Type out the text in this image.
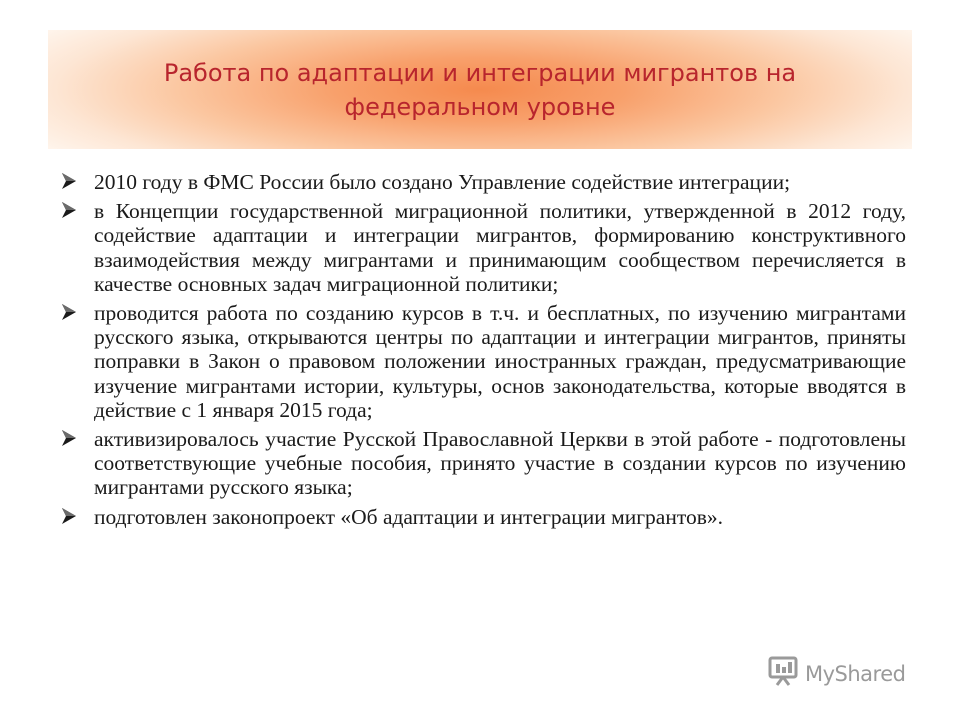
Работа по адаптации и интеграции мигрантов на федеральном уровне
2010 году в ФМС России было создано Управление содействие интеграции;
в Концепции государственной миграционной политики, утвержденной в 2012 году, содействие адаптации и интеграции мигрантов, формированию конструктивного взаимодействия между мигрантами и принимающим сообществом перечисляется в качестве основных задач миграционной политики;
проводится работа по созданию курсов в т.ч. и бесплатных, по изучению мигрантами русского языка, открываются центры по адаптации и интеграции мигрантов, приняты поправки в Закон о правовом положении иностранных граждан, предусматривающие изучение мигрантами истории, культуры, основ законодательства, которые вводятся в действие с 1 января 2015 года;
активизировалось участие Русской Православной Церкви в этой работе - подготовлены соответствующие учебные пособия, принято участие в создании курсов по изучению мигрантами русского языка;
подготовлен законопроект «Об адаптации и интеграции мигрантов».
MyShared
